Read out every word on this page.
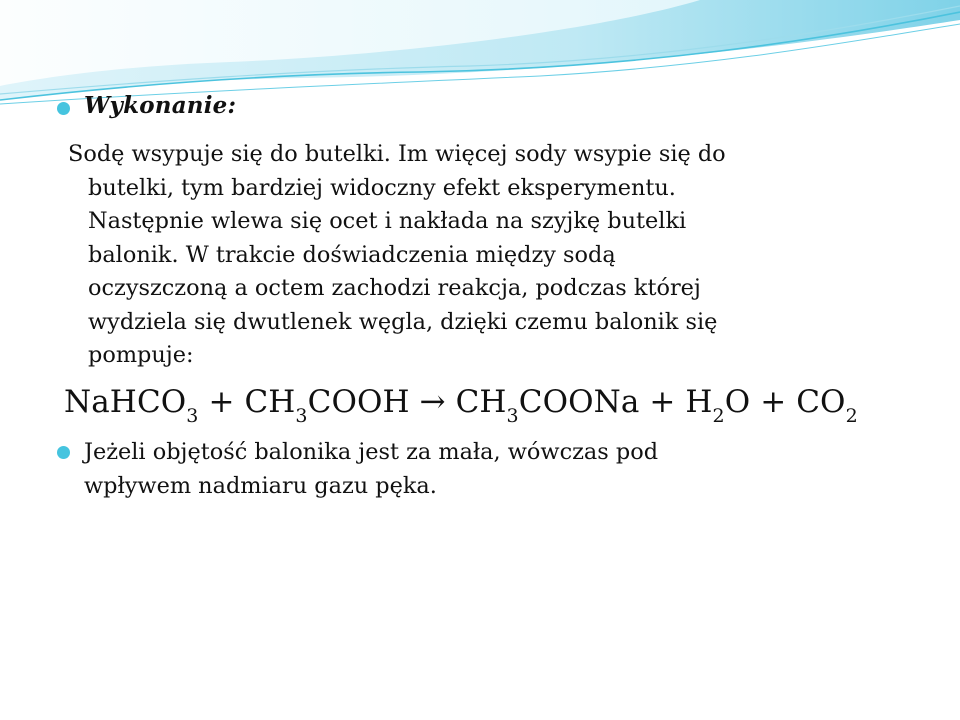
Wykonanie:
Sodę wsypuje się do butelki. Im więcej sody wsypie się do
butelki, tym bardziej widoczny efekt eksperymentu.
Następnie wlewa się ocet i nakłada na szyjkę butelki
balonik. W trakcie doświadczenia między sodą
oczyszczoną a octem zachodzi reakcja, podczas której
wydziela się dwutlenek węgla, dzięki czemu balonik się
pompuje:
NaHCO$_3$ + $CH_3COOH$ → $CH_3COONa + H_2O + CO_2$
Jeżeli objętość balonika jest za mała, wówczas pod
wpływem nadmiaru gazu pęka.
